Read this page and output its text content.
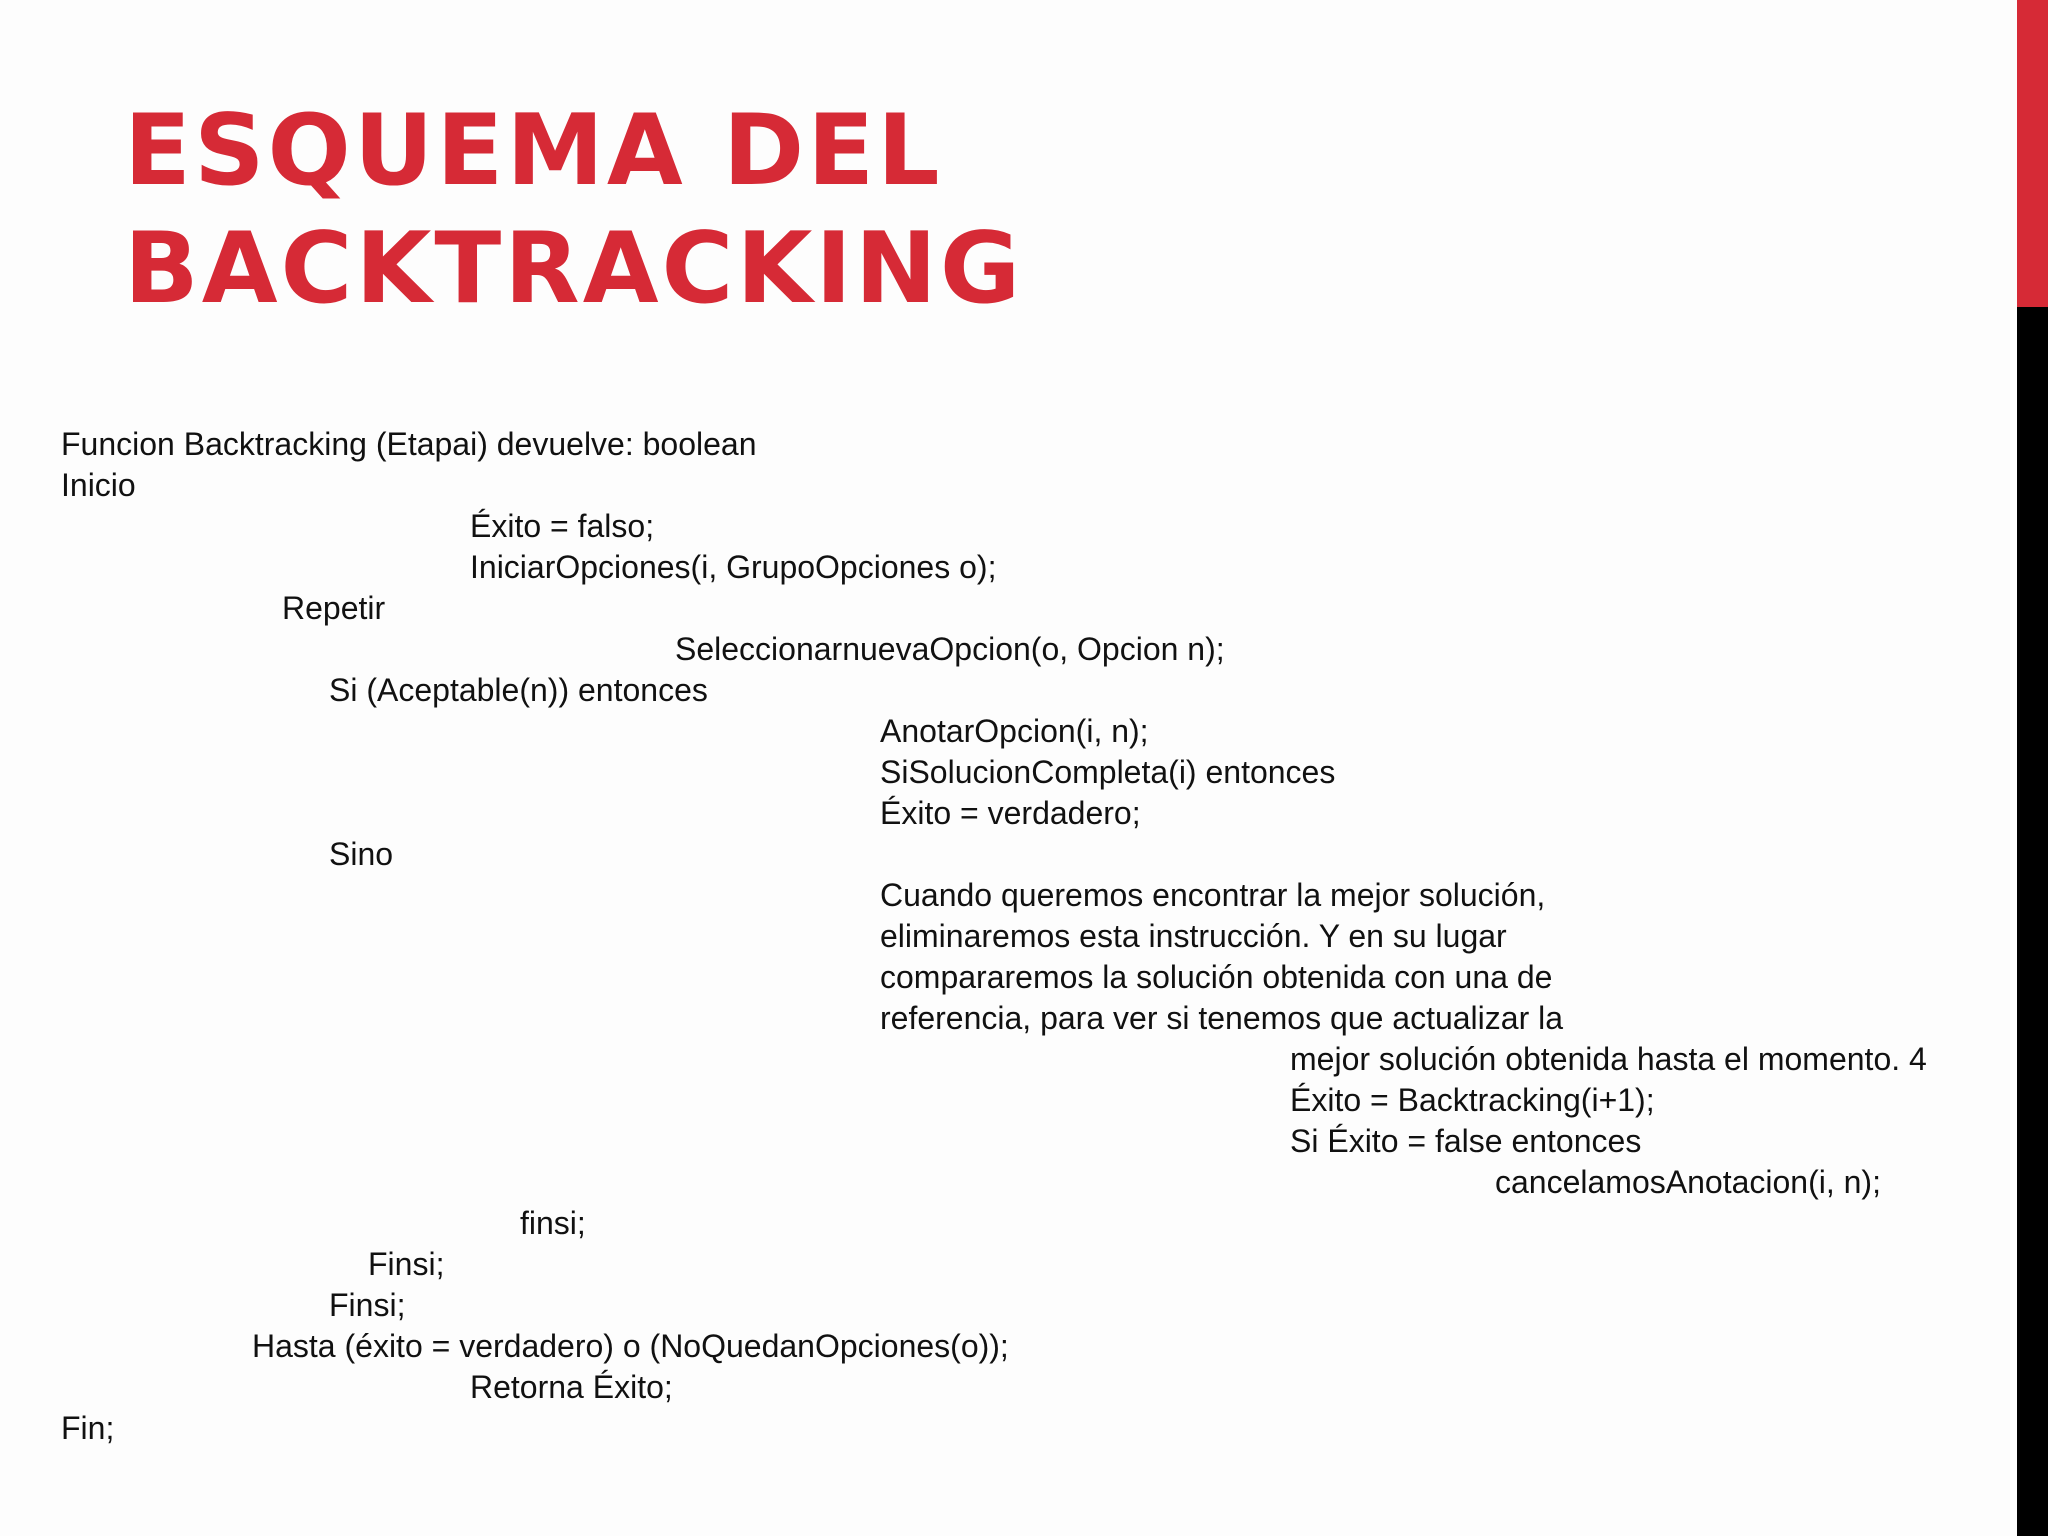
ESQUEMA DEL
BACKTRACKING
Funcion Backtracking (Etapai) devuelve: boolean
Inicio
Éxito = falso;
IniciarOpciones(i, GrupoOpciones o);
Repetir
SeleccionarnuevaOpcion(o, Opcion n);
Si (Aceptable(n)) entonces
AnotarOpcion(i, n);
SiSolucionCompleta(i) entonces
Éxito = verdadero;
Sino
Cuando queremos encontrar la mejor solución,
eliminaremos esta instrucción. Y en su lugar
compararemos la solución obtenida con una de
referencia, para ver si tenemos que actualizar la
mejor solución obtenida hasta el momento. 4
Éxito = Backtracking(i+1);
Si Éxito = false entonces
cancelamosAnotacion(i, n);
finsi;
Finsi;
Finsi;
Hasta (éxito = verdadero) o (NoQuedanOpciones(o));
Retorna Éxito;
Fin;
